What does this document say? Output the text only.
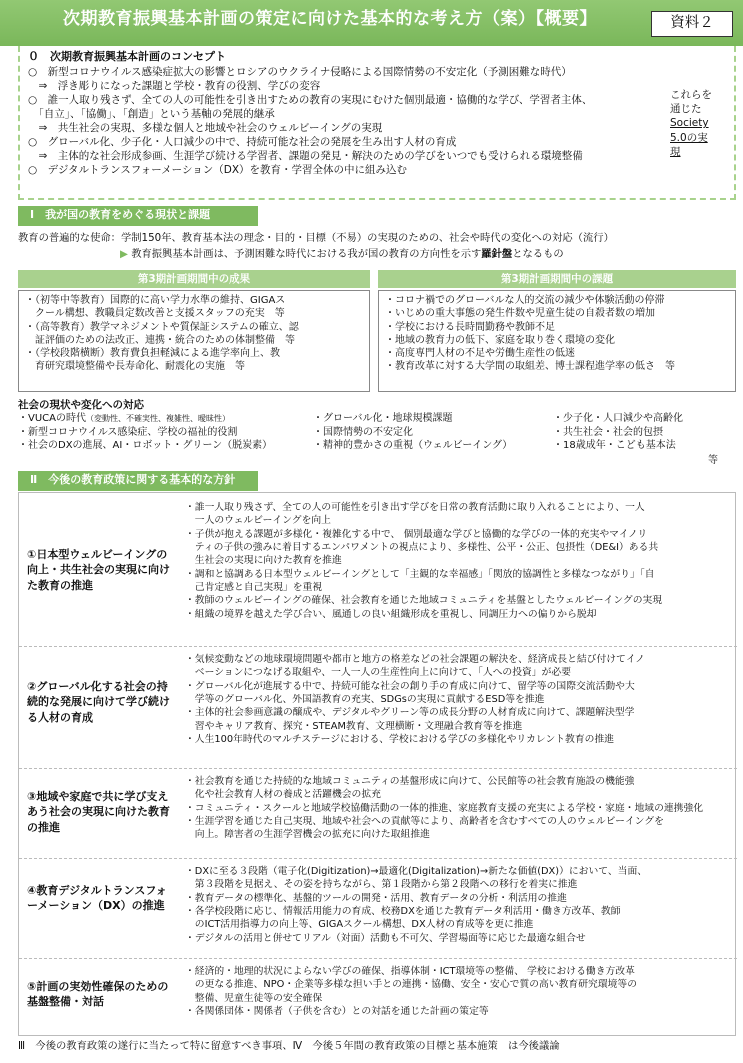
次期教育振興基本計画の策定に向けた基本的な考え方（案）【概要】	資料２
０　次期教育振興基本計画のコンセプト
○　新型コロナウイルス感染症拡大の影響とロシアのウクライナ侵略による国際情勢の不安定化（予測困難な時代）
　⇒　浮き彫りになった課題と学校・教育の役割、学びの変容
○　誰一人取り残さず、全ての人の可能性を引き出すための教育の実現にむけた個別最適・協働的な学び、学習者主体、
　「自立」、「協働」、「創造」という基軸の発展的継承
　⇒　共生社会の実現、多様な個人と地域や社会のウェルビーイングの実現
○　グローバル化、少子化・人口減少の中で、持続可能な社会の発展を生み出す人材の育成
　⇒　主体的な社会形成参画、生涯学び続ける学習者、課題の発見・解決のための学びをいつでも受けられる環境整備
○　デジタルトランスフォーメーション（DX）を教育・学習全体の中に組み込む
これらを
通じた
Society
5.0の実
現
Ⅰ　我が国の教育をめぐる現状と課題
教育の普遍的な使命：学制150年、教育基本法の理念・目的・目標（不易）の実現のための、社会や時代の変化への対応（流行）
▶ 教育振興基本計画は、予測困難な時代における我が国の教育の方向性を示す羅針盤となるもの
第3期計画期間中の成果	第3期計画期間中の課題
・（初等中等教育）国際的に高い学力水準の維持、GIGAス
　クール構想、教職員定数改善と支援スタッフの充実　等
・（高等教育）教学マネジメントや質保証システムの確立、認
　証評価のための法改正、連携・統合のための体制整備　等
・（学校段階横断）教育費負担軽減による進学率向上、教
　育研究環境整備や長寿命化、耐震化の実施　等
・コロナ禍でのグローバルな人的交流の減少や体験活動の停滞
・いじめの重大事態の発生件数や児童生徒の自殺者数の増加
・学校における長時間勤務や教師不足
・地域の教育力の低下、家庭を取り巻く環境の変化
・高度専門人材の不足や労働生産性の低迷
・教育改革に対する大学間の取組差、博士課程進学率の低さ　等
社会の現状や変化への対応
・VUCAの時代（変動性、不確実性、複雑性、曖昧性）
・新型コロナウイルス感染症、学校の福祉的役割
・社会のDXの進展、AI・ロボット・グリーン（脱炭素）
・グローバル化・地球規模課題
・国際情勢の不安定化
・精神的豊かさの重視（ウェルビーイング）
・少子化・人口減少や高齢化
・共生社会・社会的包摂
・18歳成年・こども基本法
等
Ⅱ　今後の教育政策に関する基本的な方針
①日本型ウェルビーイングの向上・共生社会の実現に向けた教育の推進
・誰一人取り残さず、全ての人の可能性を引き出す学びを日常の教育活動に取り入れることにより、一人
　一人のウェルビーイングを向上
・子供が抱える課題が多様化・複雑化する中で、 個別最適な学びと協働的な学びの一体的充実やマイノリ
　ティの子供の強みに着目するエンパワメントの視点により、多様性、公平・公正、包摂性（DE&I）ある共
　生社会の実現に向けた教育を推進
・調和と協調ある日本型ウェルビーイングとして「主観的な幸福感」「関放的協調性と多様なつながり」「自
　己肯定感と自己実現」を重視
・教師のウェルビーイングの確保、社会教育を通じた地域コミュニティを基盤としたウェルビーイングの実現
・組織の境界を越えた学び合い、風通しの良い組織形成を重視し、同調圧力への偏りから脱却
②グローバル化する社会の持続的な発展に向けて学び続ける人材の育成
・気候変動などの地球環境問題や都市と地方の格差などの社会課題の解決を、経済成長と結び付けてイノ
　ベーションにつなげる取組や、一人一人の生産性向上に向けて、「人への投資」が必要
・グローバル化が進展する中で、持続可能な社会の創り手の育成に向けて、留学等の国際交流活動や大
　学等のグローバル化、外国語教育の充実、SDGsの実現に貢献するESD等を推進
・主体的社会参画意識の醸成や、デジタルやグリーン等の成長分野の人材育成に向けて、課題解決型学
　習やキャリア教育、探究・STEAM教育、文理横断・文理融合教育等を推進
・人生100年時代のマルチステージにおける、学校における学びの多様化やリカレント教育の推進
③地域や家庭で共に学び支えあう社会の実現に向けた教育の推進
・社会教育を通じた持続的な地域コミュニティの基盤形成に向けて、公民館等の社会教育施設の機能強
　化や社会教育人材の養成と活躍機会の拡充
・コミュニティ・スクールと地域学校協働活動の一体的推進、家庭教育支援の充実による学校・家庭・地域の連携強化
・生涯学習を通じた自己実現、地域や社会への貢献等により、高齢者を含むすべての人のウェルビーイングを
　向上。障害者の生涯学習機会の拡充に向けた取組推進
④教育デジタルトランスフォーメーション（DX）の推進
・DXに至る３段階（電子化(Digitization)→最適化(Digitalization)→新たな価値(DX)）において、当面、
　第３段階を見据え、その姿を持ちながら、第１段階から第２段階への移行を着実に推進
・教育データの標準化、基盤的ツールの開発・活用、教育データの分析・利活用の推進
・各学校段階に応じ、情報活用能力の育成、校務DXを通じた教育データ利活用・働き方改革、教師
　のICT活用指導力の向上等、GIGAスクール構想、DX人材の育成等を更に推進
・デジタルの活用と併せてリアル（対面）活動も不可欠、学習場面等に応じた最適な組合せ
⑤計画の実効性確保のための基盤整備・対話
・経済的・地理的状況によらない学びの確保、指導体制・ICT環境等の整備、 学校における働き方改革
　の更なる推進、NPO・企業等多様な担い手との連携・協働、安全・安心で質の高い教育研究環境等の
　整備、児童生徒等の安全確保
・各関係団体・関係者（子供を含む）との対話を通じた計画の策定等
Ⅲ　今後の教育政策の遂行に当たって特に留意すべき事項、Ⅳ　今後５年間の教育政策の目標と基本施策　は今後議論
